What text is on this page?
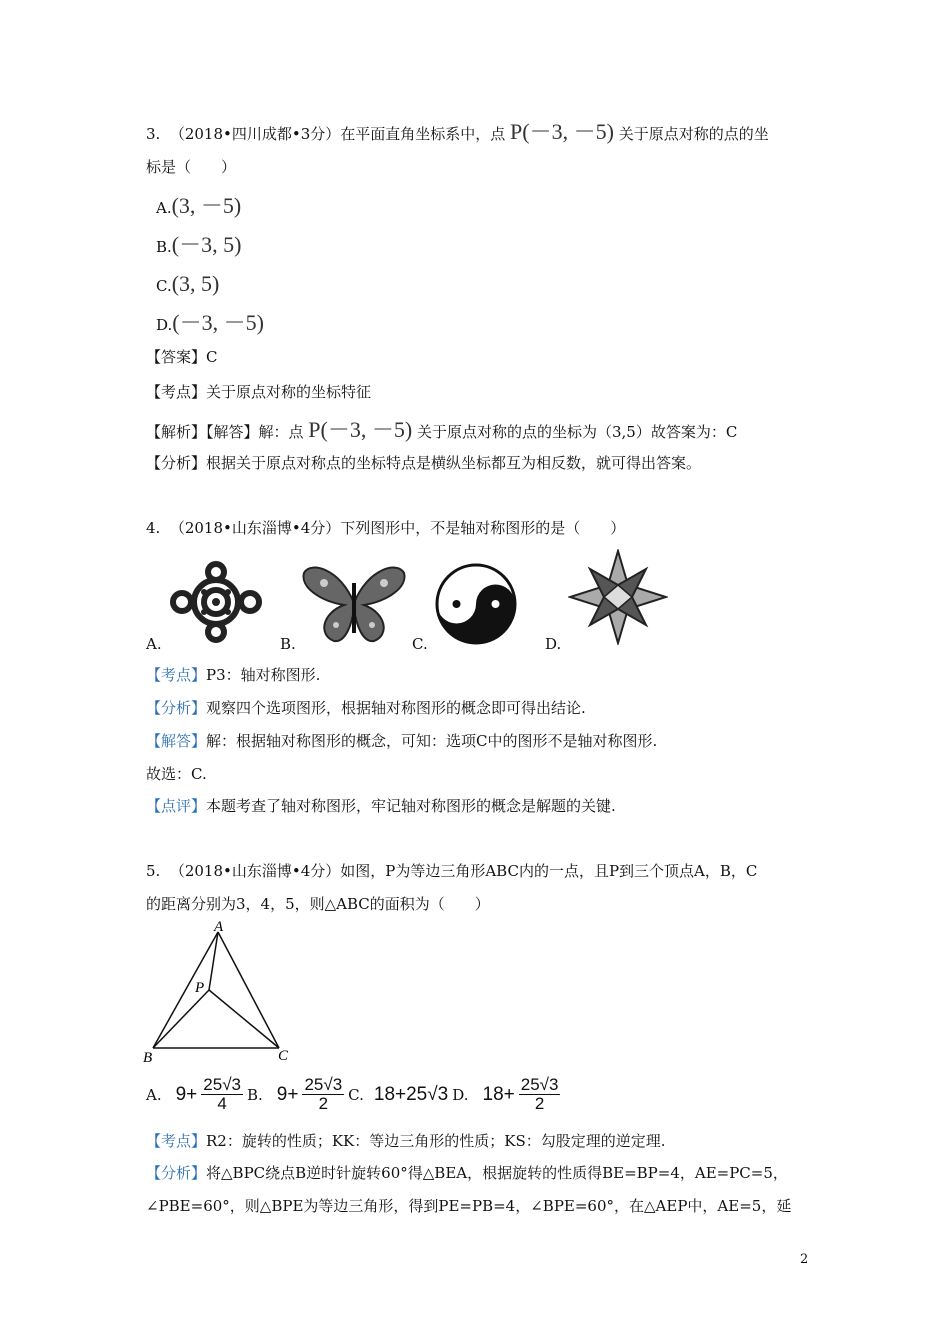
3.  （2018•四川成都•3分）在平面直角坐标系中，点 P(－3, －5) 关于原点对称的点的坐
标是（　　）
A.(3, －5)
B.(－3, 5)
C.(3, 5)
D.(－3, －5)
【答案】C
【考点】关于原点对称的坐标特征
【解析】【解答】解：点 P(－3, －5) 关于原点对称的点的坐标为（3,5）故答案为：C
【分析】根据关于原点对称点的坐标特点是横纵坐标都互为相反数，就可得出答案。
4.  （2018•山东淄博•4分）下列图形中，不是轴对称图形的是（　　）
A.	B.	C.	D.
【考点】P3：轴对称图形.
【分析】观察四个选项图形，根据轴对称图形的概念即可得出结论.
【解答】解：根据轴对称图形的概念，可知：选项C中的图形不是轴对称图形.
故选：C.
【点评】本题考查了轴对称图形，牢记轴对称图形的概念是解题的关键.
5.  （2018•山东淄博•4分）如图，P为等边三角形ABC内的一点，且P到三个顶点A，B，C
的距离分别为3，4，5，则△ABC的面积为（　　）
A
B	C
P
A. $9+ \frac{25√3}{4} B$. $9+ \frac{25√3}{2} C$. 18+25√3 D. $18+ \frac{25√3}{2}$
【考点】R2：旋转的性质；KK：等边三角形的性质；KS：勾股定理的逆定理.
【分析】将△BPC绕点B逆时针旋转60°得△BEA，根据旋转的性质得BE=BP=4，AE=PC=5，
∠PBE=60°，则△BPE为等边三角形，得到PE=PB=4，∠BPE=60°，在△AEP中，AE=5，延
2
